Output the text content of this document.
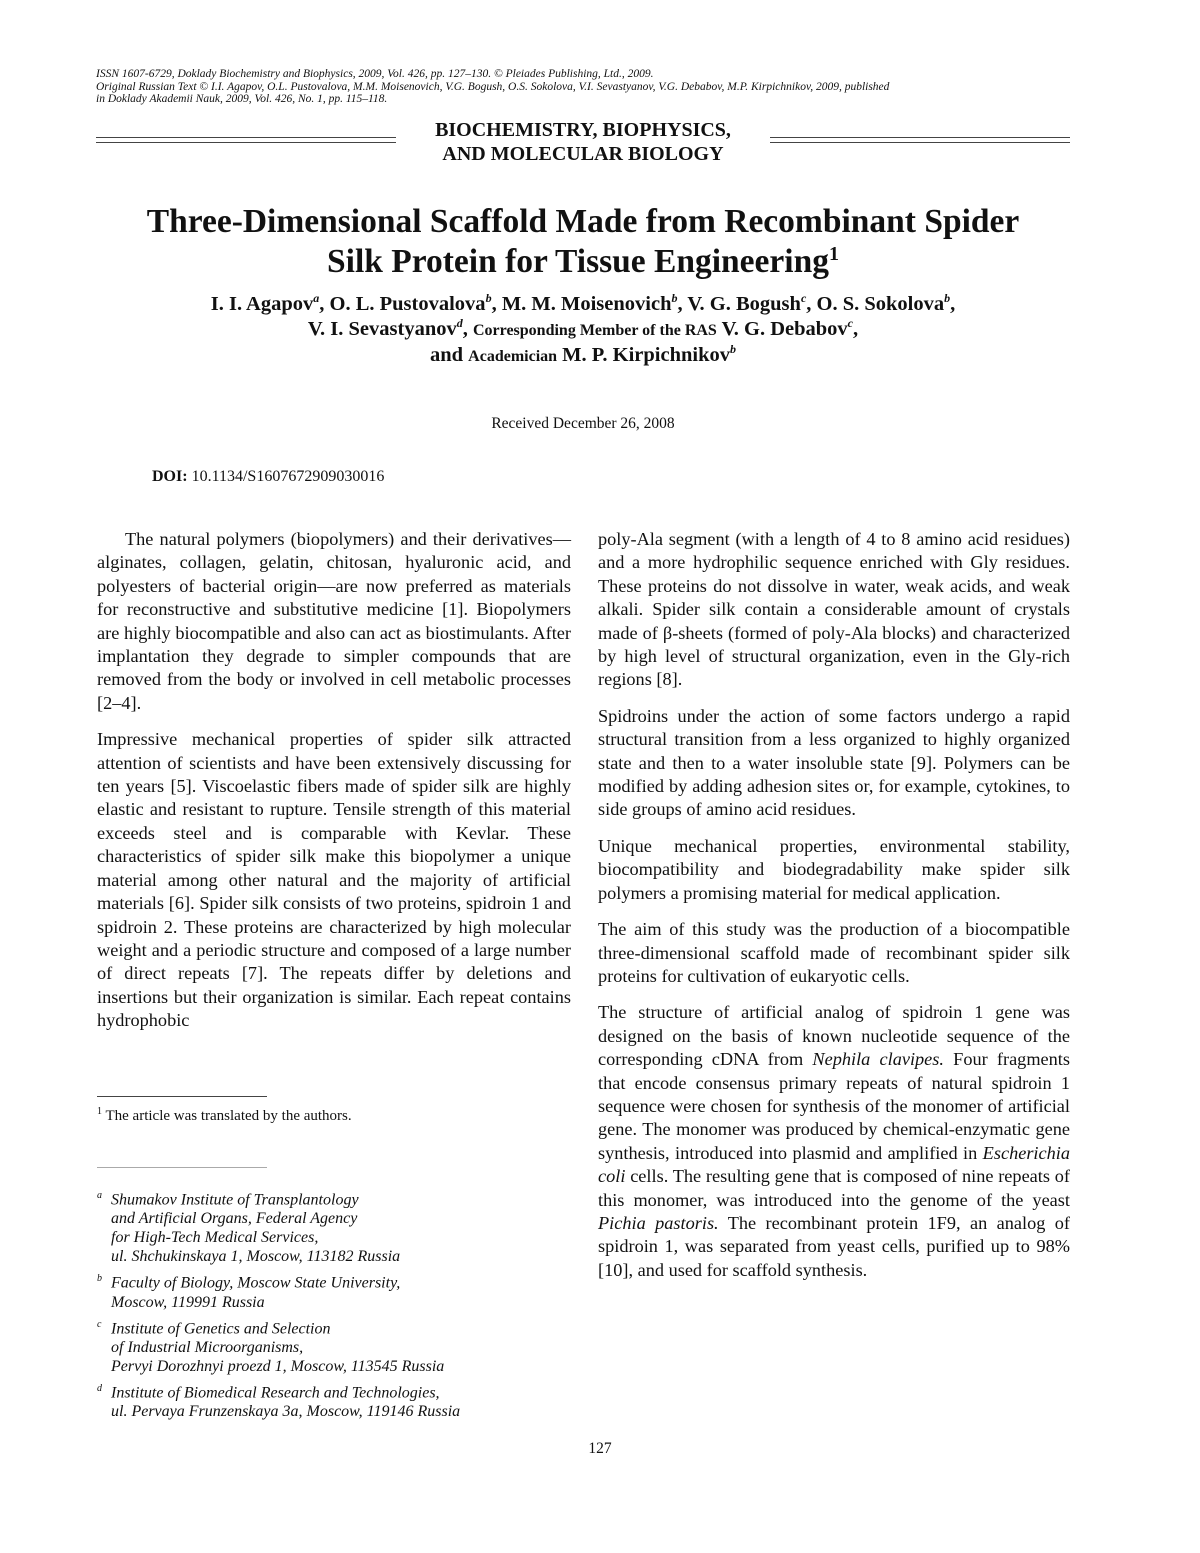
ISSN 1607-6729, Doklady Biochemistry and Biophysics, 2009, Vol. 426, pp. 127–130. © Pleiades Publishing, Ltd., 2009.
Original Russian Text © I.I. Agapov, O.L. Pustovalova, M.M. Moisenovich, V.G. Bogush, O.S. Sokolova, V.I. Sevastyanov, V.G. Debabov, M.P. Kirpichnikov, 2009, published
in Doklady Akademii Nauk, 2009, Vol. 426, No. 1, pp. 115–118.
BIOCHEMISTRY, BIOPHYSICS,
AND MOLECULAR BIOLOGY
Three-Dimensional Scaffold Made from Recombinant Spider
Silk Protein for Tissue Engineering$^1$
I. I. Agapov$^a$, O. L. Pustovalova$^b$, M. M. Moisenovich$^b$, V. G. Bogush$^c$, O. S. Sokolova$^b$,
V. I. Sevastyanov$^d$, Corresponding Member of the RAS V. G. Debabov$^c$,
and Academician M. P. Kirpichnikov$^b$
Received December 26, 2008
DOI: 10.1134/S1607672909030016

The natural polymers (biopolymers) and their derivatives—alginates, collagen, gelatin, chitosan, hyaluronic acid, and polyesters of bacterial origin—are now preferred as materials for reconstructive and substitutive medicine [1]. Biopolymers are highly biocompatible and also can act as biostimulants. After implantation they degrade to simpler compounds that are removed from the body or involved in cell metabolic processes [2–4].

Impressive mechanical properties of spider silk attracted attention of scientists and have been extensively discussing for ten years [5]. Viscoelastic fibers made of spider silk are highly elastic and resistant to rupture. Tensile strength of this material exceeds steel and is comparable with Kevlar. These characteristics of spider silk make this biopolymer a unique material among other natural and the majority of artificial materials [6]. Spider silk consists of two proteins, spidroin 1 and spidroin 2. These proteins are characterized by high molecular weight and a periodic structure and composed of a large number of direct repeats [7]. The repeats differ by deletions and insertions but their organization is similar. Each repeat contains hydrophobic

$^1$ The article was translated by the authors.
$^a$ Shumakov Institute of Transplantology
and Artificial Organs, Federal Agency
for High-Tech Medical Services,
ul. Shchukinskaya 1, Moscow, 113182 Russia
$^b$ Faculty of Biology, Moscow State University,
Moscow, 119991 Russia
$^c$ Institute of Genetics and Selection
of Industrial Microorganisms,
Pervyi Dorozhnyi proezd 1, Moscow, 113545 Russia
$^d$ Institute of Biomedical Research and Technologies,
ul. Pervaya Frunzenskaya 3a, Moscow, 119146 Russia

poly-Ala segment (with a length of 4 to 8 amino acid residues) and a more hydrophilic sequence enriched with Gly residues. These proteins do not dissolve in water, weak acids, and weak alkali. Spider silk contain a considerable amount of crystals made of β-sheets (formed of poly-Ala blocks) and characterized by high level of structural organization, even in the Gly-rich regions [8].

Spidroins under the action of some factors undergo a rapid structural transition from a less organized to highly organized state and then to a water insoluble state [9]. Polymers can be modified by adding adhesion sites or, for example, cytokines, to side groups of amino acid residues.

Unique mechanical properties, environmental stability, biocompatibility and biodegradability make spider silk polymers a promising material for medical application.

The aim of this study was the production of a biocompatible three-dimensional scaffold made of recombinant spider silk proteins for cultivation of eukaryotic cells.

The structure of artificial analog of spidroin 1 gene was designed on the basis of known nucleotide sequence of the corresponding cDNA from Nephila clavipes. Four fragments that encode consensus primary repeats of natural spidroin 1 sequence were chosen for synthesis of the monomer of artificial gene. The monomer was produced by chemical-enzymatic gene synthesis, introduced into plasmid and amplified in Escherichia coli cells. The resulting gene that is composed of nine repeats of this monomer, was introduced into the genome of the yeast Pichia pastoris. The recombinant protein 1F9, an analog of spidroin 1, was separated from yeast cells, purified up to 98% [10], and used for scaffold synthesis.

127
